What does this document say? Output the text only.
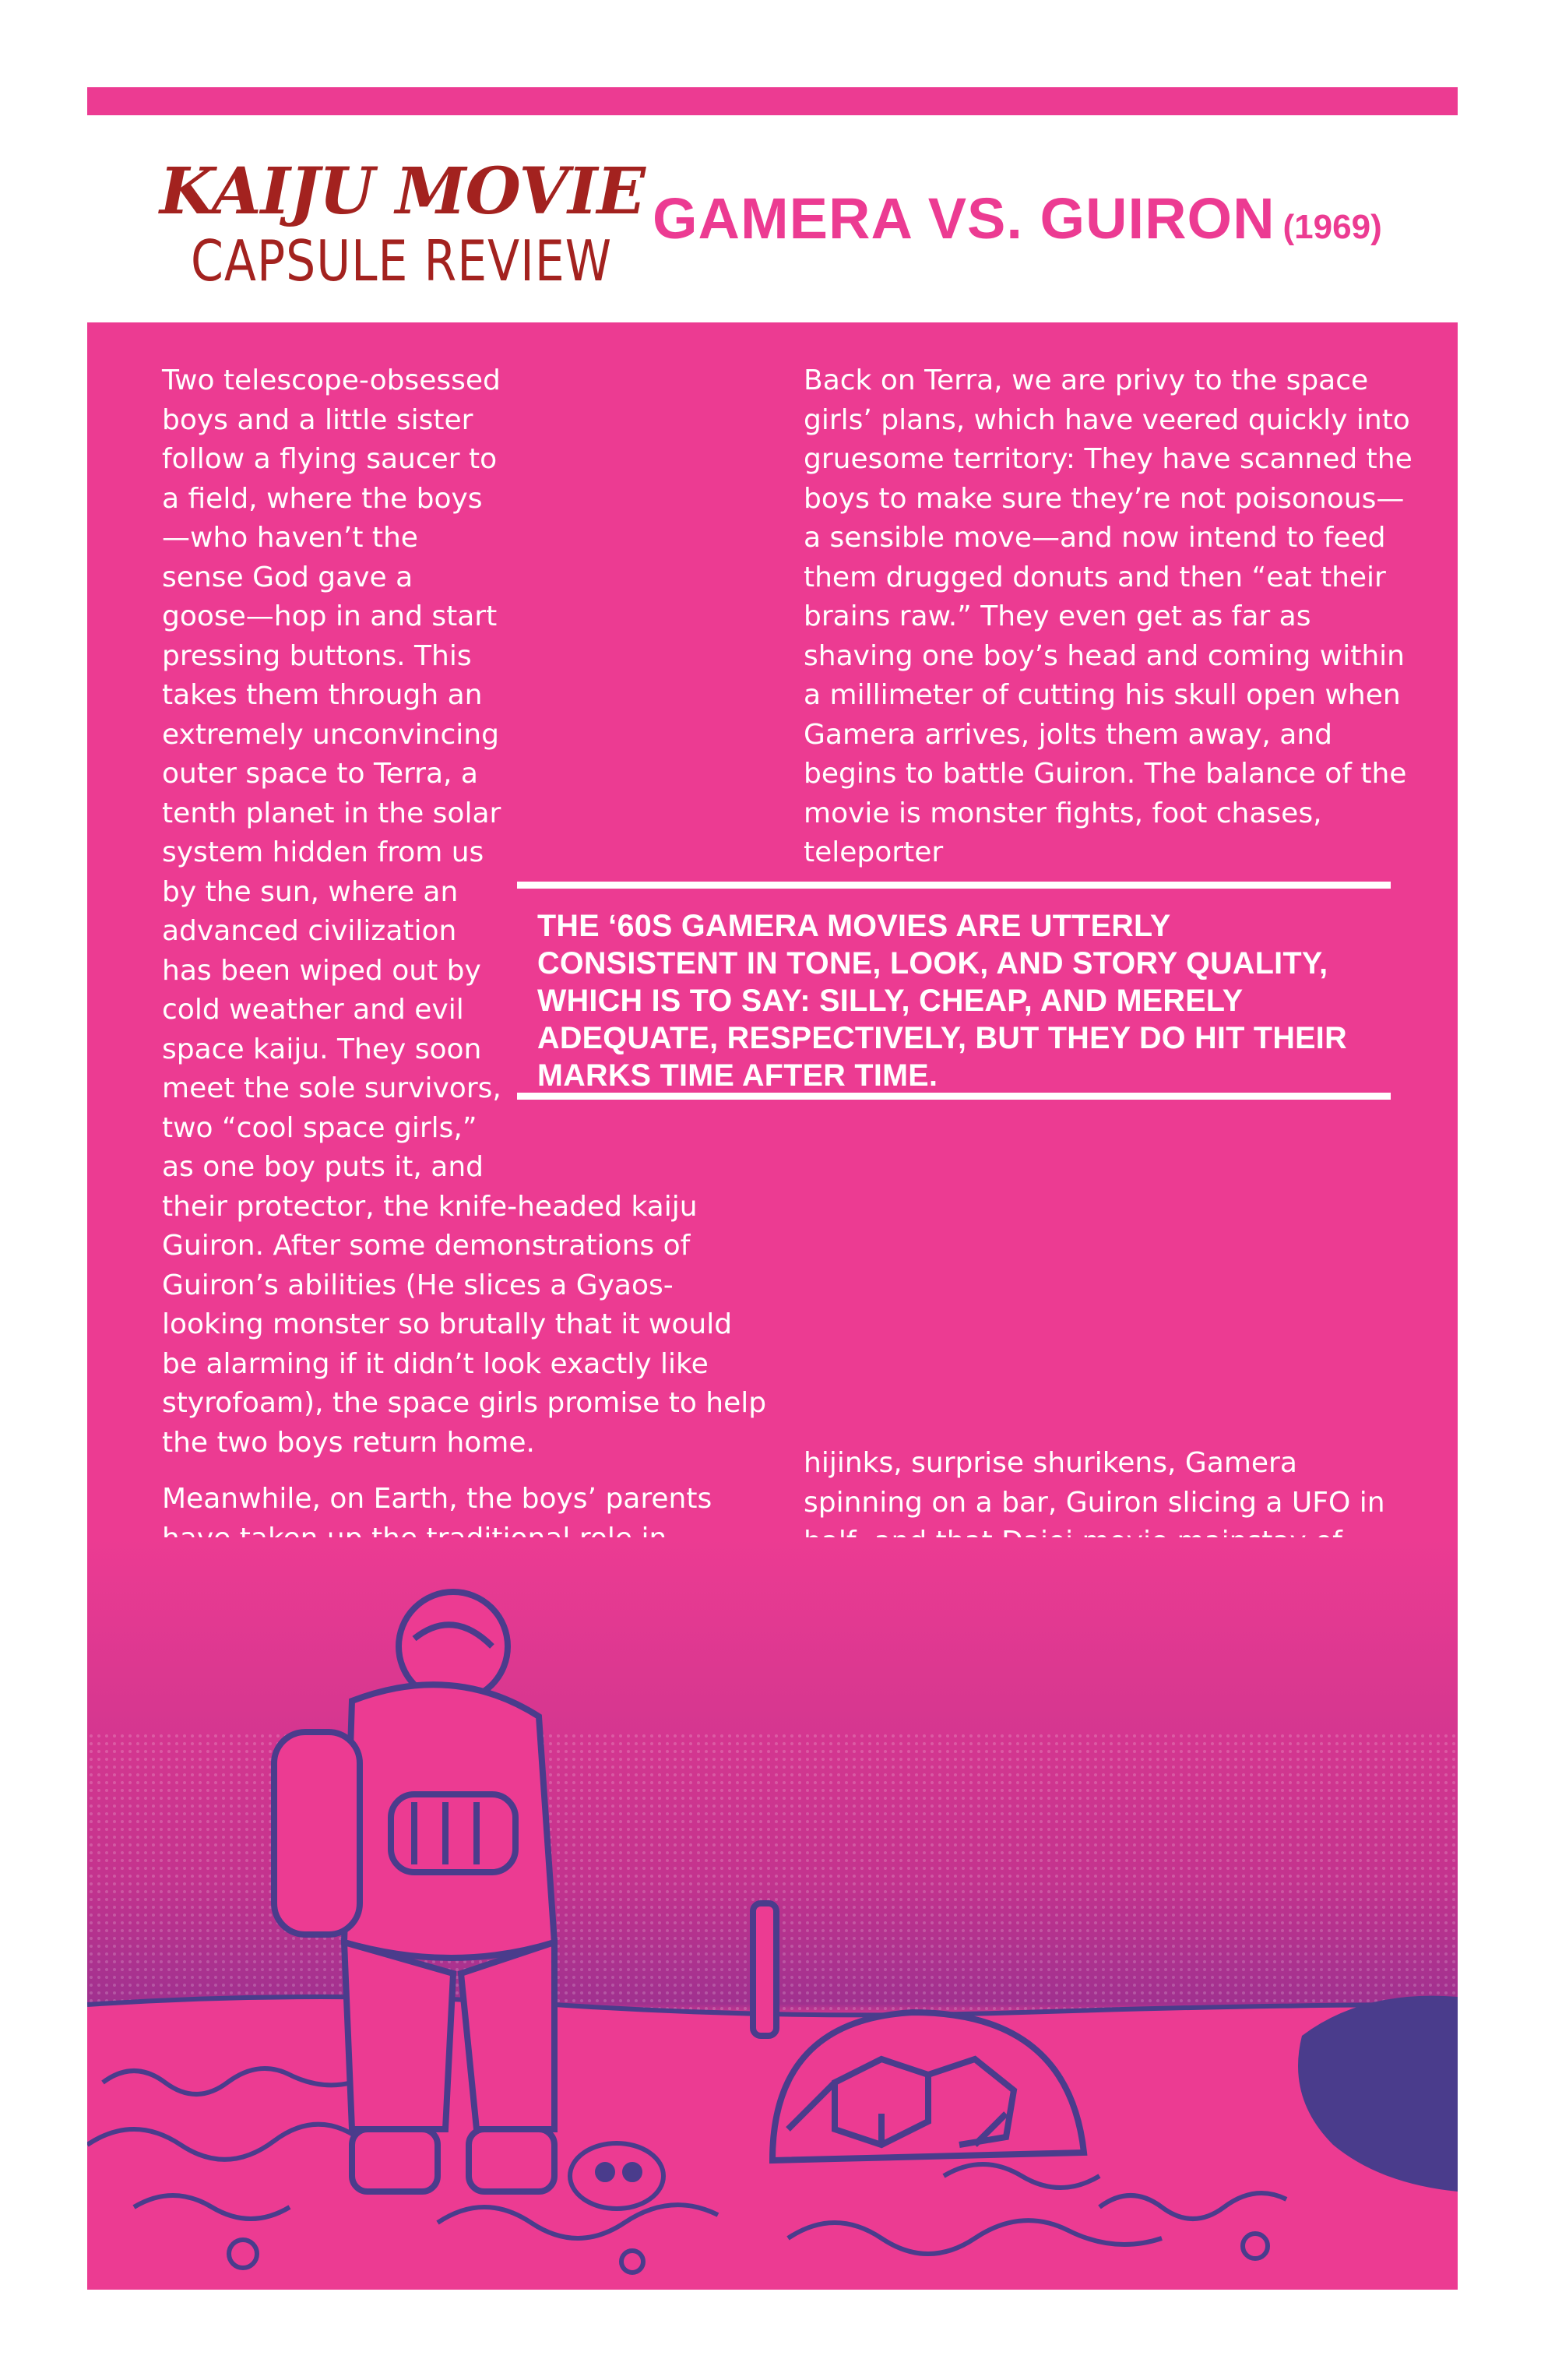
KAIJU MOVIE
CAPSULE REVIEW
GAMERA VS. GUIRON (1969)

Two telescope-obsessed boys and a little sister follow a flying saucer to a field, where the boys—who haven’t the sense God gave a goose—hop in and start pressing buttons. This takes them through an extremely unconvincing outer space to Terra, a tenth planet in the solar system hidden from us by the sun, where an advanced civilization has been wiped out by cold weather and evil space kaiju. They soon meet the sole survivors, two “cool space girls,” as one boy puts it, and their protector, the knife-headed kaiju Guiron. After some demonstrations of Guiron’s abilities (He slices a Gyaos-looking monster so brutally that it would be alarming if it didn’t look exactly like styrofoam), the space girls promise to help the two boys return home.

Meanwhile, on Earth, the boys’ parents

Back on Terra, we are privy to the space girls’ plans, which have veered quickly into gruesome territory: They have scanned the boys to make sure they’re not poisonous—a sensible move—and now intend to feed them drugged donuts and then “eat their brains raw.” They even get as far as shaving one boy’s head and coming within a millimeter of cutting his skull open when Gamera arrives, jolts them away, and begins to battle Guiron. The balance of the movie is monster fights, foot chases, teleporter

hijinks, surprise shurikens, Gamera spinning on a bar, Guiron slicing a UFO in

THE ‘60S GAMERA MOVIES ARE UTTERLY CONSISTENT IN TONE, LOOK, AND STORY QUALITY, WHICH IS TO SAY: SILLY, CHEAP, AND MERELY ADEQUATE, RESPECTIVELY, BUT THEY DO HIT THEIR MARKS TIME AFTER TIME.
